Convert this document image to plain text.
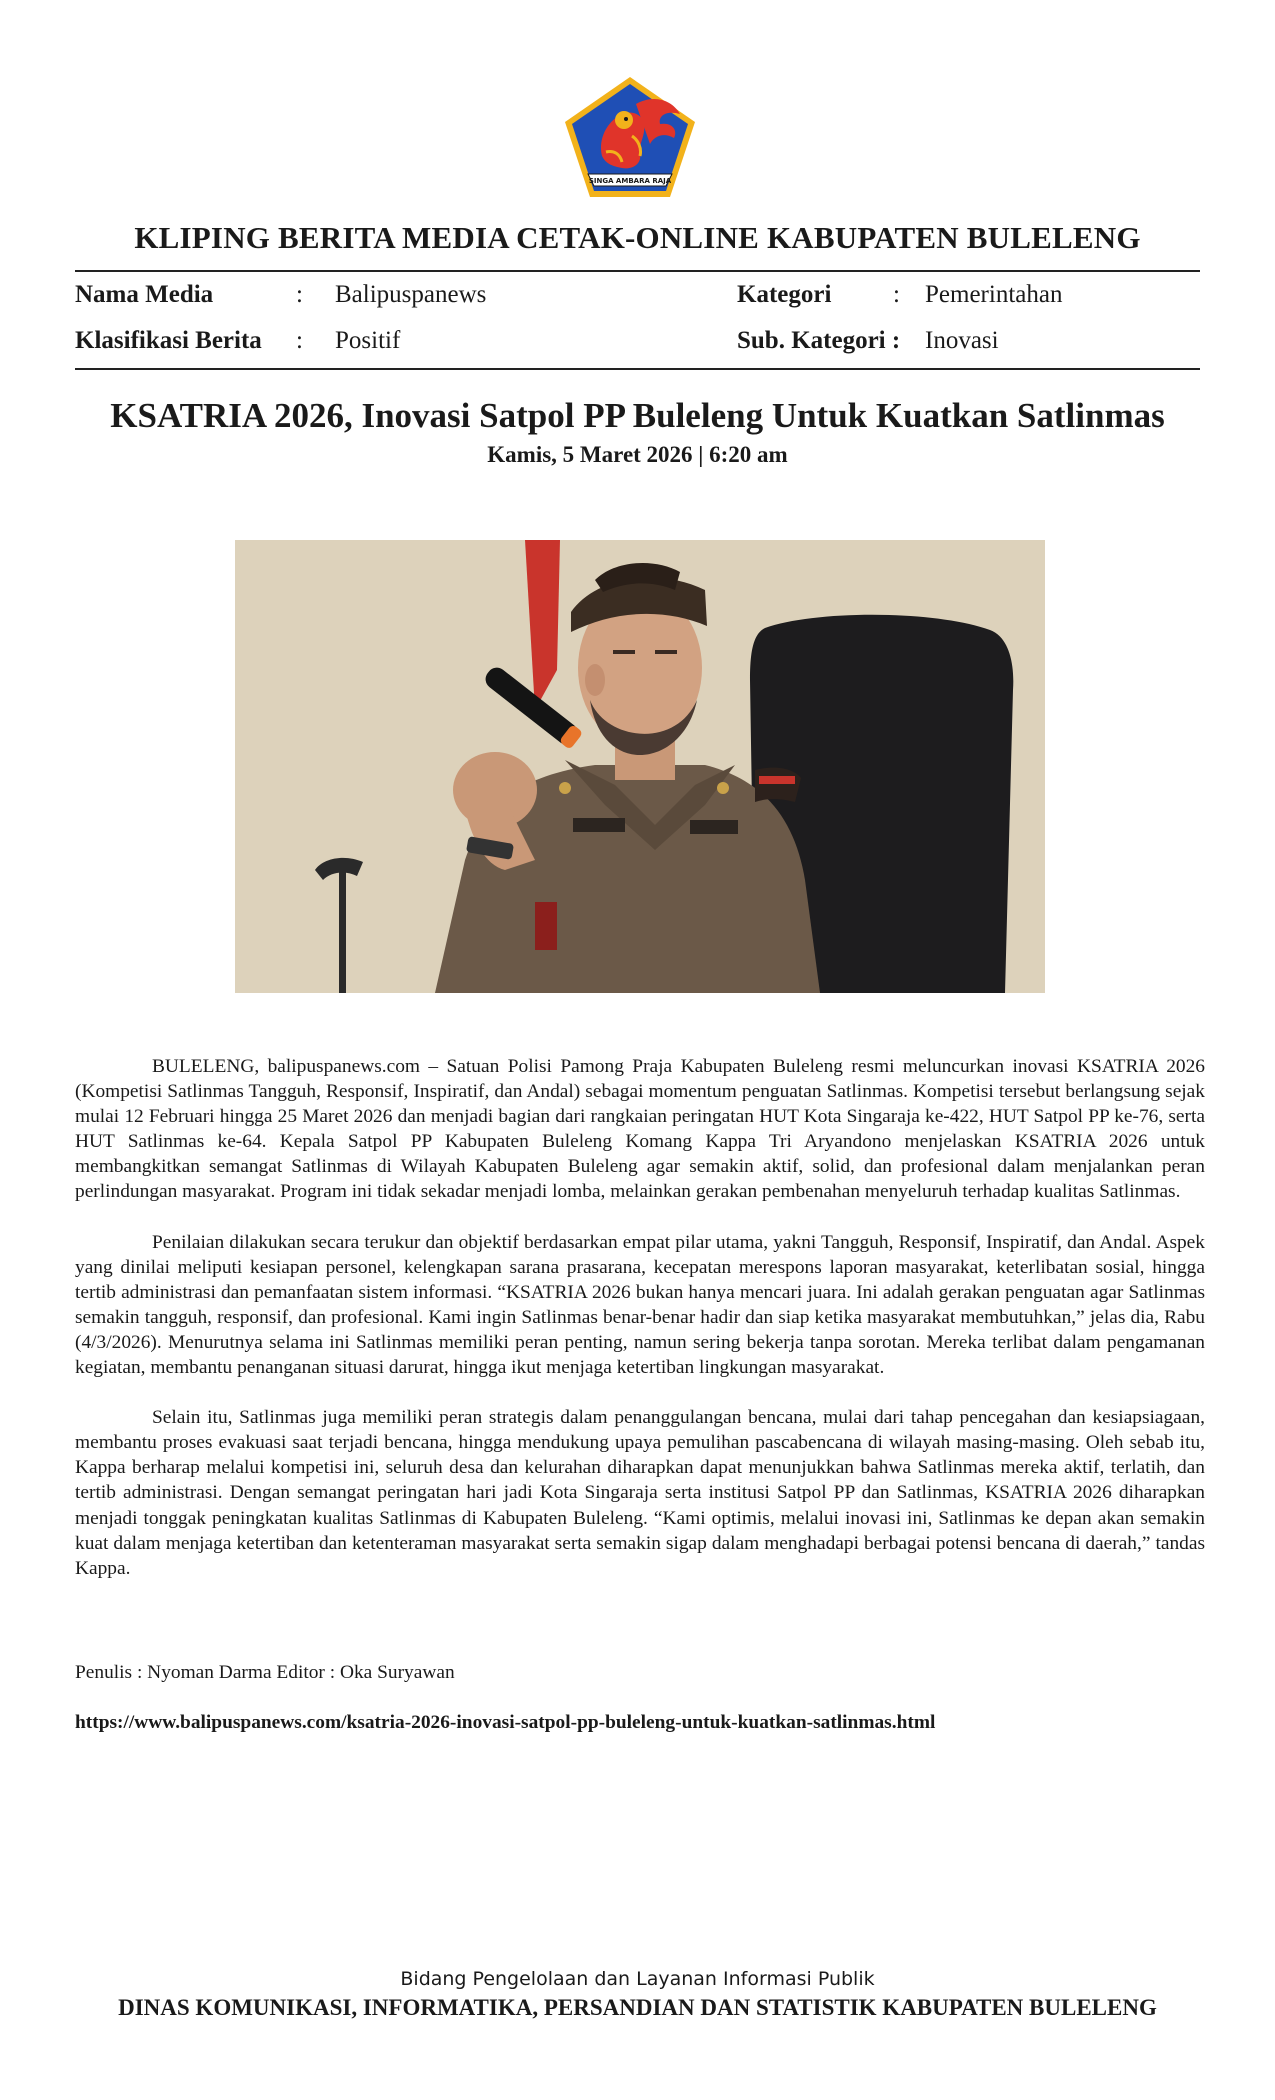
SINGA AMBARA RAJA
KLIPING BERITA MEDIA CETAK-ONLINE KABUPATEN BULELENG
Nama Media	: Balipuspanews	Kategori : Pemerintahan
Klasifikasi Berita : Positif	Sub. Kategori : Inovasi
KSATRIA 2026, Inovasi Satpol PP Buleleng Untuk Kuatkan Satlinmas
Kamis, 5 Maret 2026 | 6:20 am

BULELENG, balipuspanews.com – Satuan Polisi Pamong Praja Kabupaten Buleleng resmi meluncurkan inovasi KSATRIA 2026 (Kompetisi Satlinmas Tangguh, Responsif, Inspiratif, dan Andal) sebagai momentum penguatan Satlinmas. Kompetisi tersebut berlangsung sejak mulai 12 Februari hingga 25 Maret 2026 dan menjadi bagian dari rangkaian peringatan HUT Kota Singaraja ke-422, HUT Satpol PP ke-76, serta HUT Satlinmas ke-64. Kepala Satpol PP Kabupaten Buleleng Komang Kappa Tri Aryandono menjelaskan KSATRIA 2026 untuk membangkitkan semangat Satlinmas di Wilayah Kabupaten Buleleng agar semakin aktif, solid, dan profesional dalam menjalankan peran perlindungan masyarakat. Program ini tidak sekadar menjadi lomba, melainkan gerakan pembenahan menyeluruh terhadap kualitas Satlinmas.

Penilaian dilakukan secara terukur dan objektif berdasarkan empat pilar utama, yakni Tangguh, Responsif, Inspiratif, dan Andal. Aspek yang dinilai meliputi kesiapan personel, kelengkapan sarana prasarana, kecepatan merespons laporan masyarakat, keterlibatan sosial, hingga tertib administrasi dan pemanfaatan sistem informasi. “KSATRIA 2026 bukan hanya mencari juara. Ini adalah gerakan penguatan agar Satlinmas semakin tangguh, responsif, dan profesional. Kami ingin Satlinmas benar-benar hadir dan siap ketika masyarakat membutuhkan,” jelas dia, Rabu (4/3/2026). Menurutnya selama ini Satlinmas memiliki peran penting, namun sering bekerja tanpa sorotan. Mereka terlibat dalam pengamanan kegiatan, membantu penanganan situasi darurat, hingga ikut menjaga ketertiban lingkungan masyarakat.

Selain itu, Satlinmas juga memiliki peran strategis dalam penanggulangan bencana, mulai dari tahap pencegahan dan kesiapsiagaan, membantu proses evakuasi saat terjadi bencana, hingga mendukung upaya pemulihan pascabencana di wilayah masing-masing. Oleh sebab itu, Kappa berharap melalui kompetisi ini, seluruh desa dan kelurahan diharapkan dapat menunjukkan bahwa Satlinmas mereka aktif, terlatih, dan tertib administrasi. Dengan semangat peringatan hari jadi Kota Singaraja serta institusi Satpol PP dan Satlinmas, KSATRIA 2026 diharapkan menjadi tonggak peningkatan kualitas Satlinmas di Kabupaten Buleleng. “Kami optimis, melalui inovasi ini, Satlinmas ke depan akan semakin kuat dalam menjaga ketertiban dan ketenteraman masyarakat serta semakin sigap dalam menghadapi berbagai potensi bencana di daerah,” tandas Kappa.

Penulis : Nyoman Darma Editor : Oka Suryawan
https://www.balipuspanews.com/ksatria-2026-inovasi-satpol-pp-buleleng-untuk-kuatkan-satlinmas.html
Bidang Pengelolaan dan Layanan Informasi Publik
DINAS KOMUNIKASI, INFORMATIKA, PERSANDIAN DAN STATISTIK KABUPATEN BULELENG
